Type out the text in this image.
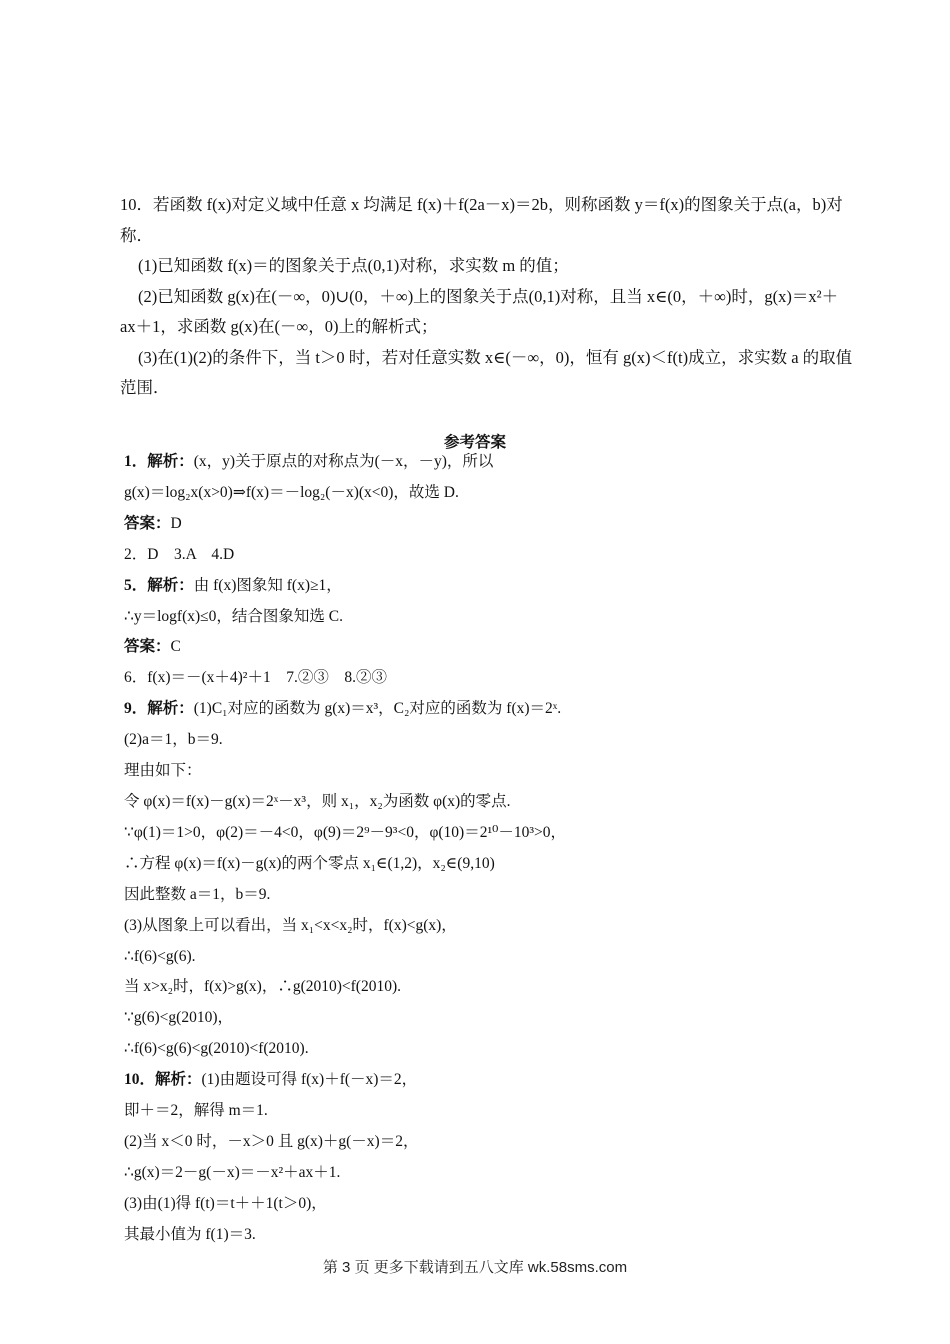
10．若函数 f(x)对定义域中任意 x 均满足 f(x)＋f(2a－x)＝2b，则称函数 y＝f(x)的图象关于点(a，b)对

称．

(1)已知函数 f(x)＝的图象关于点(0,1)对称，求实数 m 的值；

(2)已知函数 g(x)在(－∞，0)∪(0，＋∞)上的图象关于点(0,1)对称，且当 x∈(0，＋∞)时，g(x)＝x²＋

ax＋1，求函数 g(x)在(－∞，0)上的解析式；

(3)在(1)(2)的条件下，当 t＞0 时，若对任意实数 x∈(－∞，0)，恒有 g(x)＜f(t)成立，求实数 a 的取值

范围．

参考答案

1．解析：(x，y)关于原点的对称点为(－x，－y)，所以

g(x)＝log₂x(x>0)⇒f(x)＝－log₂(－x)(x<0)，故选 D.

答案：D

2．D　3.A　4.D

5．解析：由 f(x)图象知 f(x)≥1，

∴y＝logf(x)≤0，结合图象知选 C.

答案：C

6．f(x)＝－(x＋4)²＋1　7.②③　8.②③

9．解析：(1)C₁对应的函数为 g(x)＝x³，C₂对应的函数为 f(x)＝2ˣ.

(2)a＝1，b＝9.

理由如下：

令 φ(x)＝f(x)－g(x)＝2ˣ－x³，则 x₁，x₂为函数 φ(x)的零点.

∵φ(1)＝1>0，φ(2)＝－4<0，φ(9)＝2⁹－9³<0，φ(10)＝2¹⁰－10³>0，

∴方程 φ(x)＝f(x)－g(x)的两个零点 x₁∈(1,2)，x₂∈(9,10)

因此整数 a＝1，b＝9.

(3)从图象上可以看出，当 x₁<x<x₂时，f(x)<g(x)，

∴f(6)<g(6).

当 x>x₂时，f(x)>g(x)，∴g(2010)<f(2010).

∵g(6)<g(2010)，

∴f(6)<g(6)<g(2010)<f(2010).

10．解析：(1)由题设可得 f(x)＋f(－x)＝2，

即＋＝2，解得 m＝1.

(2)当 x＜0 时，－x＞0 且 g(x)＋g(－x)＝2，

∴g(x)＝2－g(－x)＝－x²＋ax＋1.

(3)由(1)得 f(t)＝t＋＋1(t＞0)，

其最小值为 f(1)＝3.

第 3 页 更多下载请到五八文库 wk.58sms.com
